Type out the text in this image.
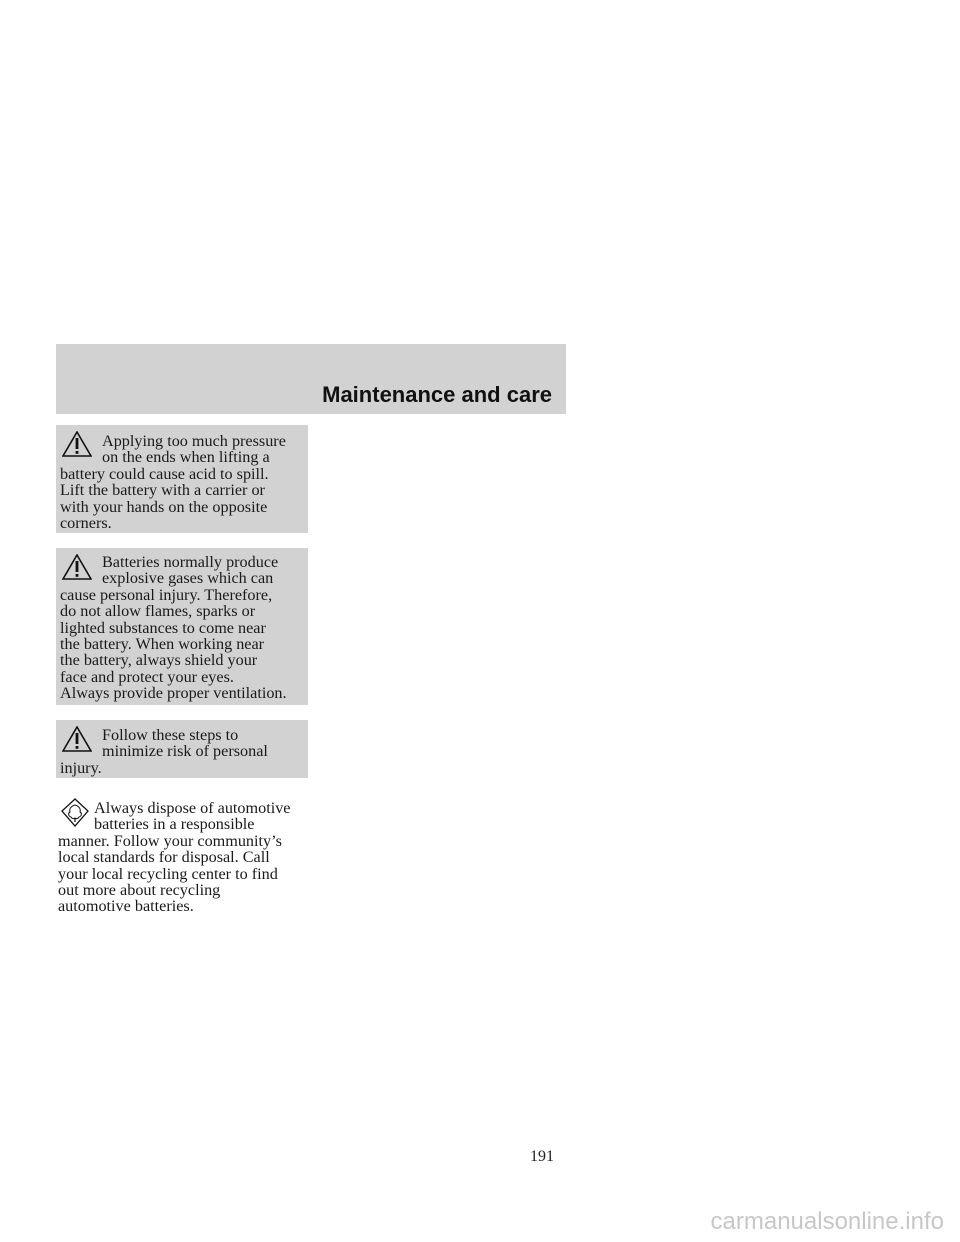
Maintenance and care
Applying too much pressure
on the ends when lifting a
battery could cause acid to spill.
Lift the battery with a carrier or
with your hands on the opposite
corners.
Batteries normally produce
explosive gases which can
cause personal injury. Therefore,
do not allow flames, sparks or
lighted substances to come near
the battery. When working near
the battery, always shield your
face and protect your eyes.
Always provide proper ventilation.
Follow these steps to
minimize risk of personal
injury.
Always dispose of automotive
batteries in a responsible
manner. Follow your community’s
local standards for disposal. Call
your local recycling center to find
out more about recycling
automotive batteries.
191
carmanualsonline.info
